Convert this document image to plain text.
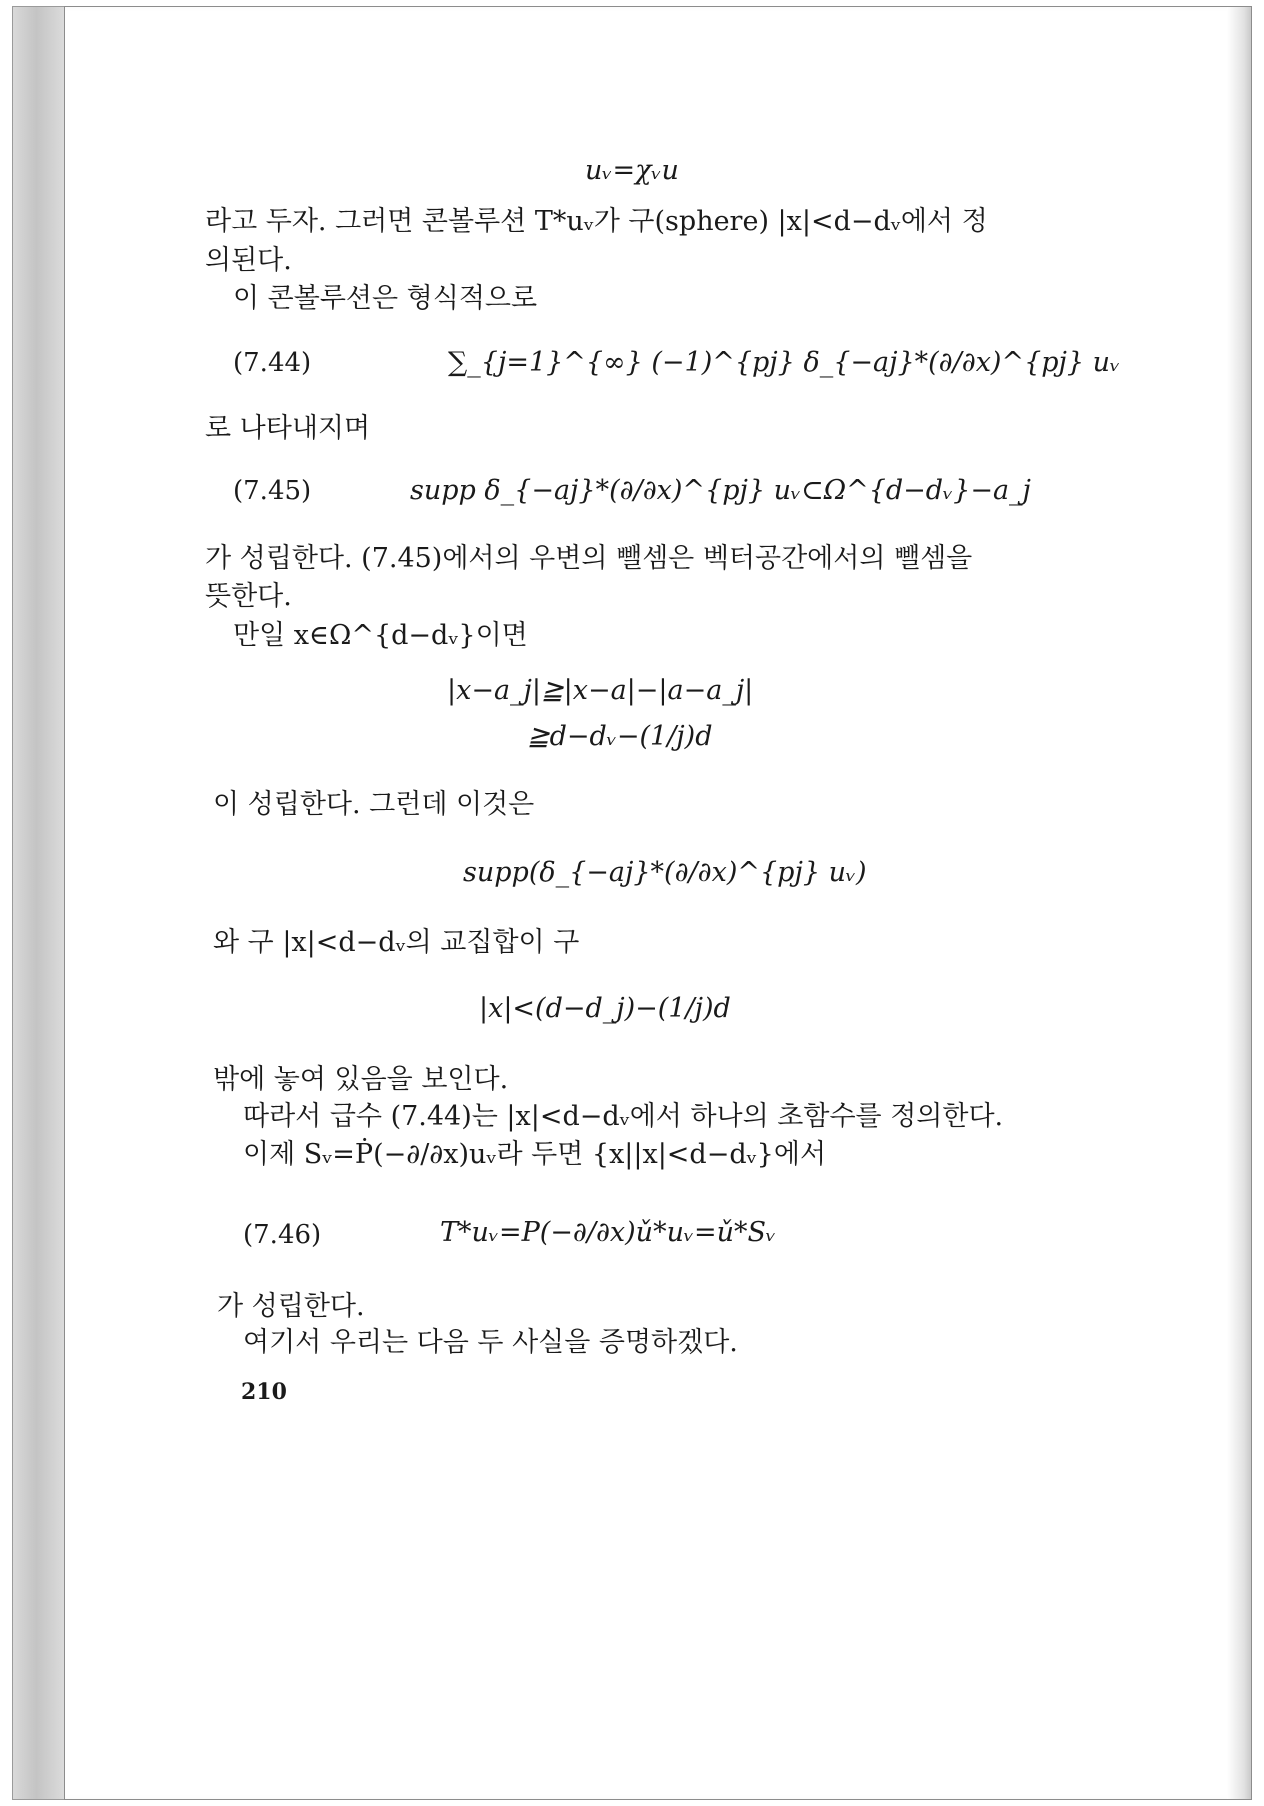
uᵥ=χᵥu
라고 두자. 그러면 콘볼루션 T*uᵥ가 구(sphere) |x|<d−dᵥ에서 정
의된다.
이 콘볼루션은 형식적으로
(7.44)	∑_{j=1}^{∞} (−1)^{pj} δ_{−aj}*(∂/∂x)^{pj} uᵥ
로 나타내지며
(7.45)	supp δ_{−aj}*(∂/∂x)^{pj} uᵥ⊂Ω^{d−dᵥ}−a_j
가 성립한다. (7.45)에서의 우변의 뺄셈은 벡터공간에서의 뺄셈을
뜻한다.
만일 x∈Ω^{d−dᵥ}이면
|x−a_j|≧|x−a|−|a−a_j|
≧d−dᵥ−(1/j)d
이 성립한다. 그런데 이것은
supp(δ_{−aj}*(∂/∂x)^{pj} uᵥ)
와 구 |x|<d−dᵥ의 교집합이 구
|x|<(d−d_j)−(1/j)d
밖에 놓여 있음을 보인다.
따라서 급수 (7.44)는 |x|<d−dᵥ에서 하나의 초함수를 정의한다.
이제 Sᵥ=Ṗ(−∂/∂x)uᵥ라 두면 {x||x|<d−dᵥ}에서
(7.46)	T*uᵥ=P(−∂/∂x)ǔ*uᵥ=ǔ*Sᵥ
가 성립한다.
여기서 우리는 다음 두 사실을 증명하겠다.
210
